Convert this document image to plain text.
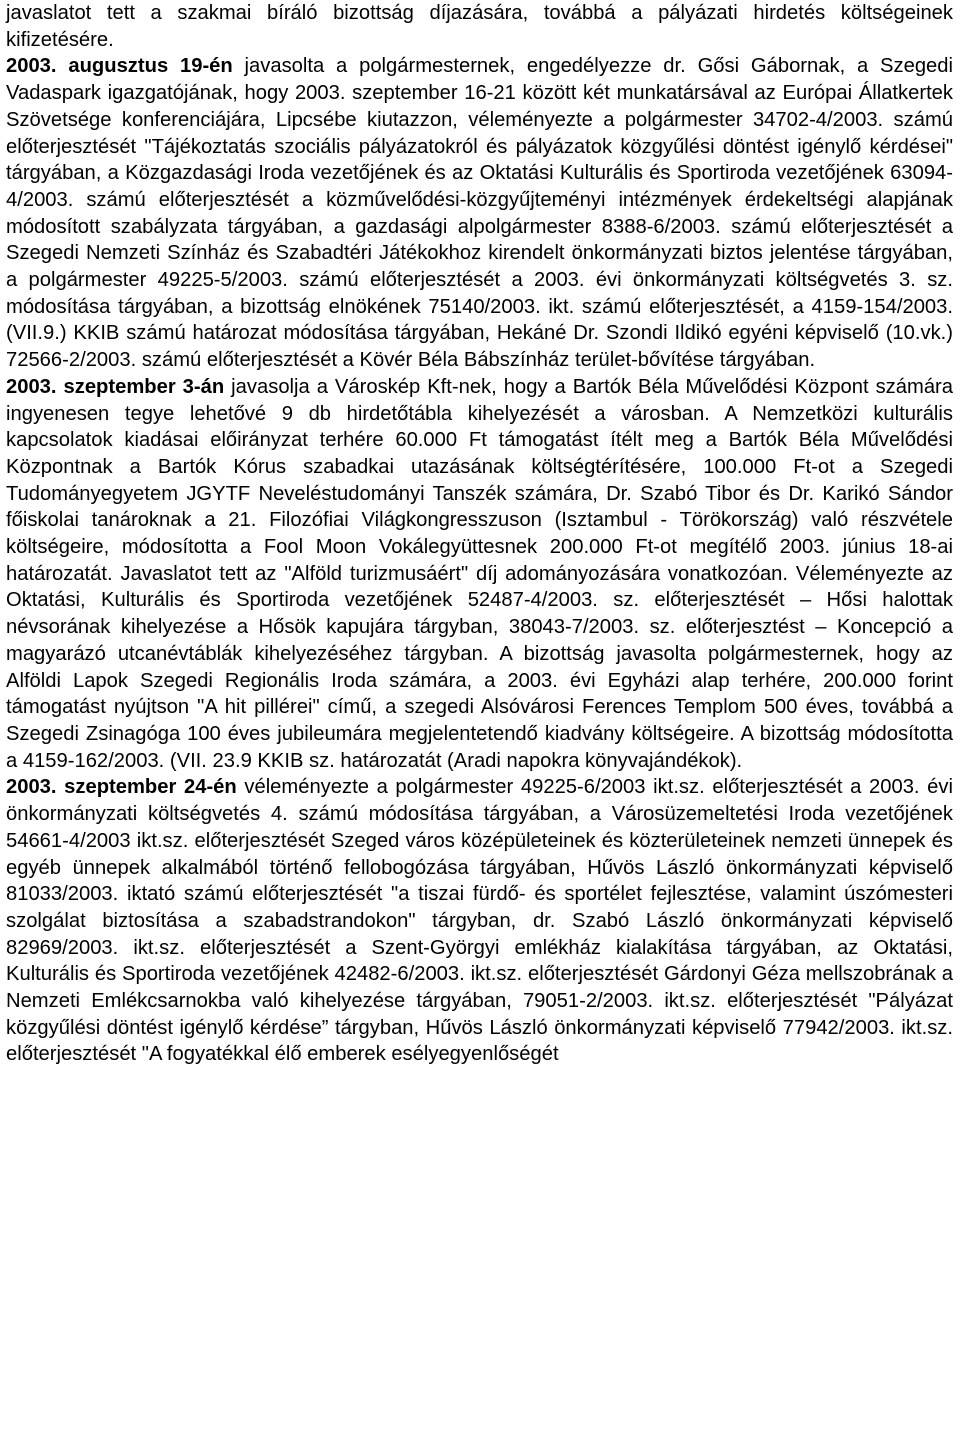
javaslatot tett a szakmai bíráló bizottság díjazására, továbbá a pályázati hirdetés költségeinek kifizetésére.

2003. augusztus 19-én javasolta a polgármesternek, engedélyezze dr. Gősi Gábornak, a Szegedi Vadaspark igazgatójának, hogy 2003. szeptember 16-21 között két munkatársával az Európai Állatkertek Szövetsége konferenciájára, Lipcsébe kiutazzon, véleményezte a polgármester 34702-4/2003. számú előterjesztését "Tájékoztatás szociális pályázatokról és pályázatok közgyűlési döntést igénylő kérdései" tárgyában, a Közgazdasági Iroda vezetőjének és az Oktatási Kulturális és Sportiroda vezetőjének 63094-4/2003. számú előterjesztését a közművelődési-közgyűjteményi intézmények érdekeltségi alapjának módosított szabályzata tárgyában, a gazdasági alpolgármester 8388-6/2003. számú előterjesztését a Szegedi Nemzeti Színház és Szabadtéri Játékokhoz kirendelt önkormányzati biztos jelentése tárgyában, a polgármester 49225-5/2003. számú előterjesztését a 2003. évi önkormányzati költségvetés 3. sz. módosítása tárgyában, a bizottság elnökének 75140/2003. ikt. számú előterjesztését, a 4159-154/2003. (VII.9.) KKIB számú határozat módosítása tárgyában, Hekáné Dr. Szondi Ildikó egyéni képviselő (10.vk.) 72566-2/2003. számú előterjesztését a Kövér Béla Bábszínház terület-bővítése tárgyában.

2003. szeptember 3-án javasolja a Városkép Kft-nek, hogy a Bartók Béla Művelődési Központ számára ingyenesen tegye lehetővé 9 db hirdetőtábla kihelyezését a városban. A Nemzetközi kulturális kapcsolatok kiadásai előirányzat terhére 60.000 Ft támogatást ítélt meg a Bartók Béla Művelődési Központnak a Bartók Kórus szabadkai utazásának költségtérítésére, 100.000 Ft-ot a Szegedi Tudományegyetem JGYTF Neveléstudományi Tanszék számára, Dr. Szabó Tibor és Dr. Karikó Sándor főiskolai tanároknak a 21. Filozófiai Világkongresszuson (Isztambul - Törökország) való részvétele költségeire, módosította a Fool Moon Vokálegyüttesnek 200.000 Ft-ot megítélő 2003. június 18-ai határozatát. Javaslatot tett az "Alföld turizmusáért" díj adományozására vonatkozóan. Véleményezte az Oktatási, Kulturális és Sportiroda vezetőjének 52487-4/2003. sz. előterjesztését – Hősi halottak névsorának kihelyezése a Hősök kapujára tárgyban, 38043-7/2003. sz. előterjesztést – Koncepció a magyarázó utcanévtáblák kihelyezéséhez tárgyban. A bizottság javasolta polgármesternek, hogy az Alföldi Lapok Szegedi Regionális Iroda számára, a 2003. évi Egyházi alap terhére, 200.000 forint támogatást nyújtson "A hit pillérei" című, a szegedi Alsóvárosi Ferences Templom 500 éves, továbbá a Szegedi Zsinagóga 100 éves jubileumára megjelentetendő kiadvány költségeire. A bizottság módosította a 4159-162/2003. (VII. 23.9 KKIB sz. határozatát (Aradi napokra könyvajándékok).

2003. szeptember 24-én véleményezte a polgármester 49225-6/2003 ikt.sz. előterjesztését a 2003. évi önkormányzati költségvetés 4. számú módosítása tárgyában, a Városüzemeltetési Iroda vezetőjének 54661-4/2003 ikt.sz. előterjesztését Szeged város középületeinek és közterületeinek nemzeti ünnepek és egyéb ünnepek alkalmából történő fellobogózása tárgyában, Hűvös László önkormányzati képviselő 81033/2003. iktató számú előterjesztését "a tiszai fürdő- és sportélet fejlesztése, valamint úszómesteri szolgálat biztosítása a szabadstrandokon" tárgyban, dr. Szabó László önkormányzati képviselő 82969/2003. ikt.sz. előterjesztését a Szent-Györgyi emlékház kialakítása tárgyában, az Oktatási, Kulturális és Sportiroda vezetőjének 42482-6/2003. ikt.sz. előterjesztését Gárdonyi Géza mellszobrának a Nemzeti Emlékcsarnokba való kihelyezése tárgyában, 79051-2/2003. ikt.sz. előterjesztését "Pályázat közgyűlési döntést igénylő kérdése” tárgyban, Hűvös László önkormányzati képviselő 77942/2003. ikt.sz. előterjesztését "A fogyatékkal élő emberek esélyegyenlőségét
